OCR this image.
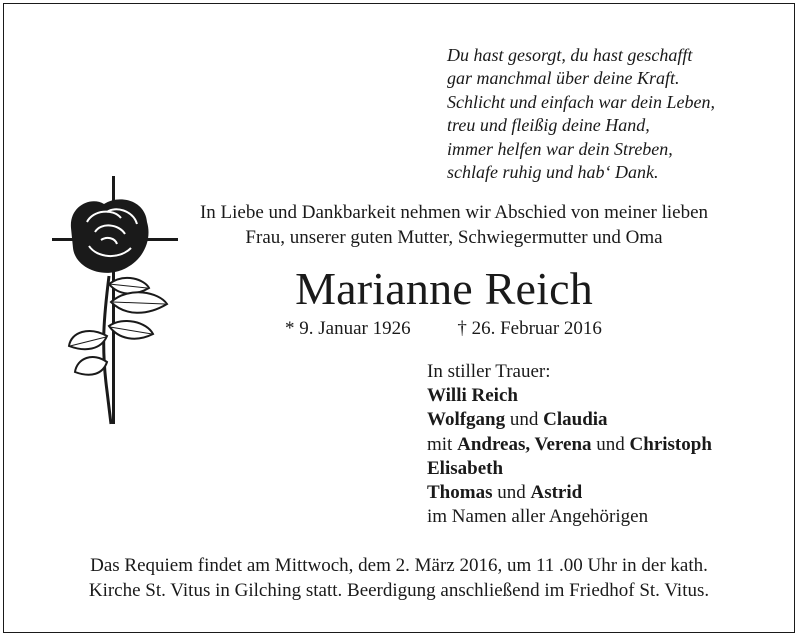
Du hast gesorgt, du hast geschafft
gar manchmal über deine Kraft.
Schlicht und einfach war dein Leben,
treu und fleißig deine Hand,
immer helfen war dein Streben,
schlafe ruhig und hab‘ Dank.
In Liebe und Dankbarkeit nehmen wir Abschied von meiner lieben
Frau, unserer guten Mutter, Schwiegermutter und Oma
Marianne Reich
* 9. Januar 1926 † 26. Februar 2016
In stiller Trauer:
Willi Reich
Wolfgang und Claudia
mit Andreas, Verena und Christoph
Elisabeth
Thomas und Astrid
im Namen aller Angehörigen
Das Requiem findet am Mittwoch, dem 2. März 2016, um 11 .00 Uhr in der kath.
Kirche St. Vitus in Gilching statt. Beerdigung anschließend im Friedhof St. Vitus.
